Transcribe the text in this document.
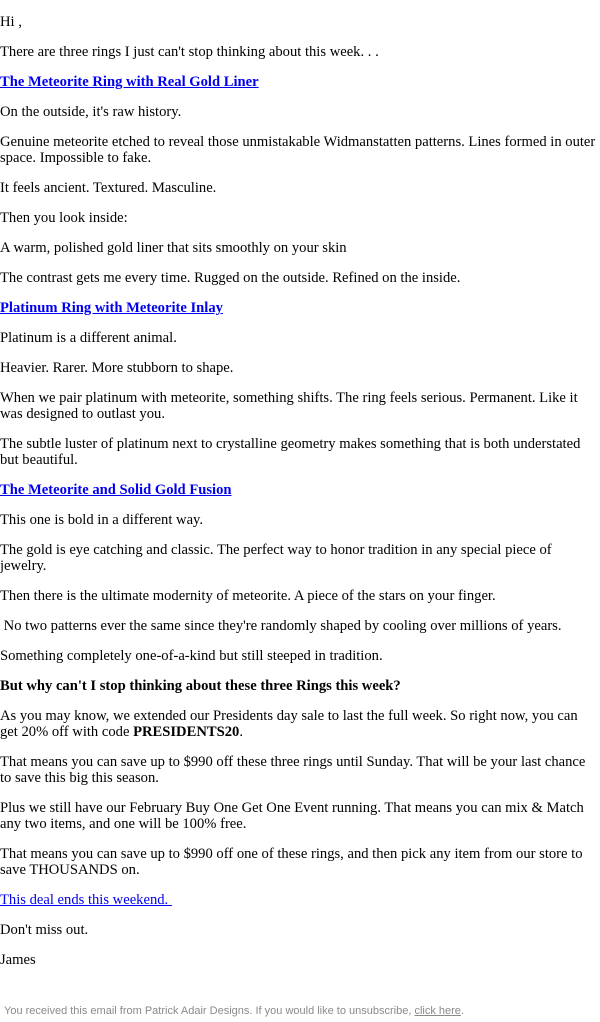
Hi ,

There are three rings I just can't stop thinking about this week. . .

The Meteorite Ring with Real Gold Liner

On the outside, it's raw history.

Genuine meteorite etched to reveal those unmistakable Widmanstatten patterns. Lines formed in outer space. Impossible to fake.

It feels ancient. Textured. Masculine.

Then you look inside:

A warm, polished gold liner that sits smoothly on your skin

The contrast gets me every time. Rugged on the outside. Refined on the inside.

Platinum Ring with Meteorite Inlay

Platinum is a different animal.

Heavier. Rarer. More stubborn to shape.

When we pair platinum with meteorite, something shifts. The ring feels serious. Permanent. Like it was designed to outlast you.

The subtle luster of platinum next to crystalline geometry makes something that is both understated but beautiful.

The Meteorite and Solid Gold Fusion

This one is bold in a different way.

The gold is eye catching and classic. The perfect way to honor tradition in any special piece of jewelry.

Then there is the ultimate modernity of meteorite. A piece of the stars on your finger.

No two patterns ever the same since they're randomly shaped by cooling over millions of years.

Something completely one-of-a-kind but still steeped in tradition.

But why can't I stop thinking about these three Rings this week?

As you may know, we extended our Presidents day sale to last the full week. So right now, you can get 20% off with code PRESIDENTS20.

That means you can save up to $990 off these three rings until Sunday. That will be your last chance to save this big this season.

Plus we still have our February Buy One Get One Event running. That means you can mix & Match any two items, and one will be 100% free.

That means you can save up to $990 off one of these rings, and then pick any item from our store to save THOUSANDS on.

This deal ends this weekend.

Don't miss out.

James

You received this email from Patrick Adair Designs. If you would like to unsubscribe, click here.
